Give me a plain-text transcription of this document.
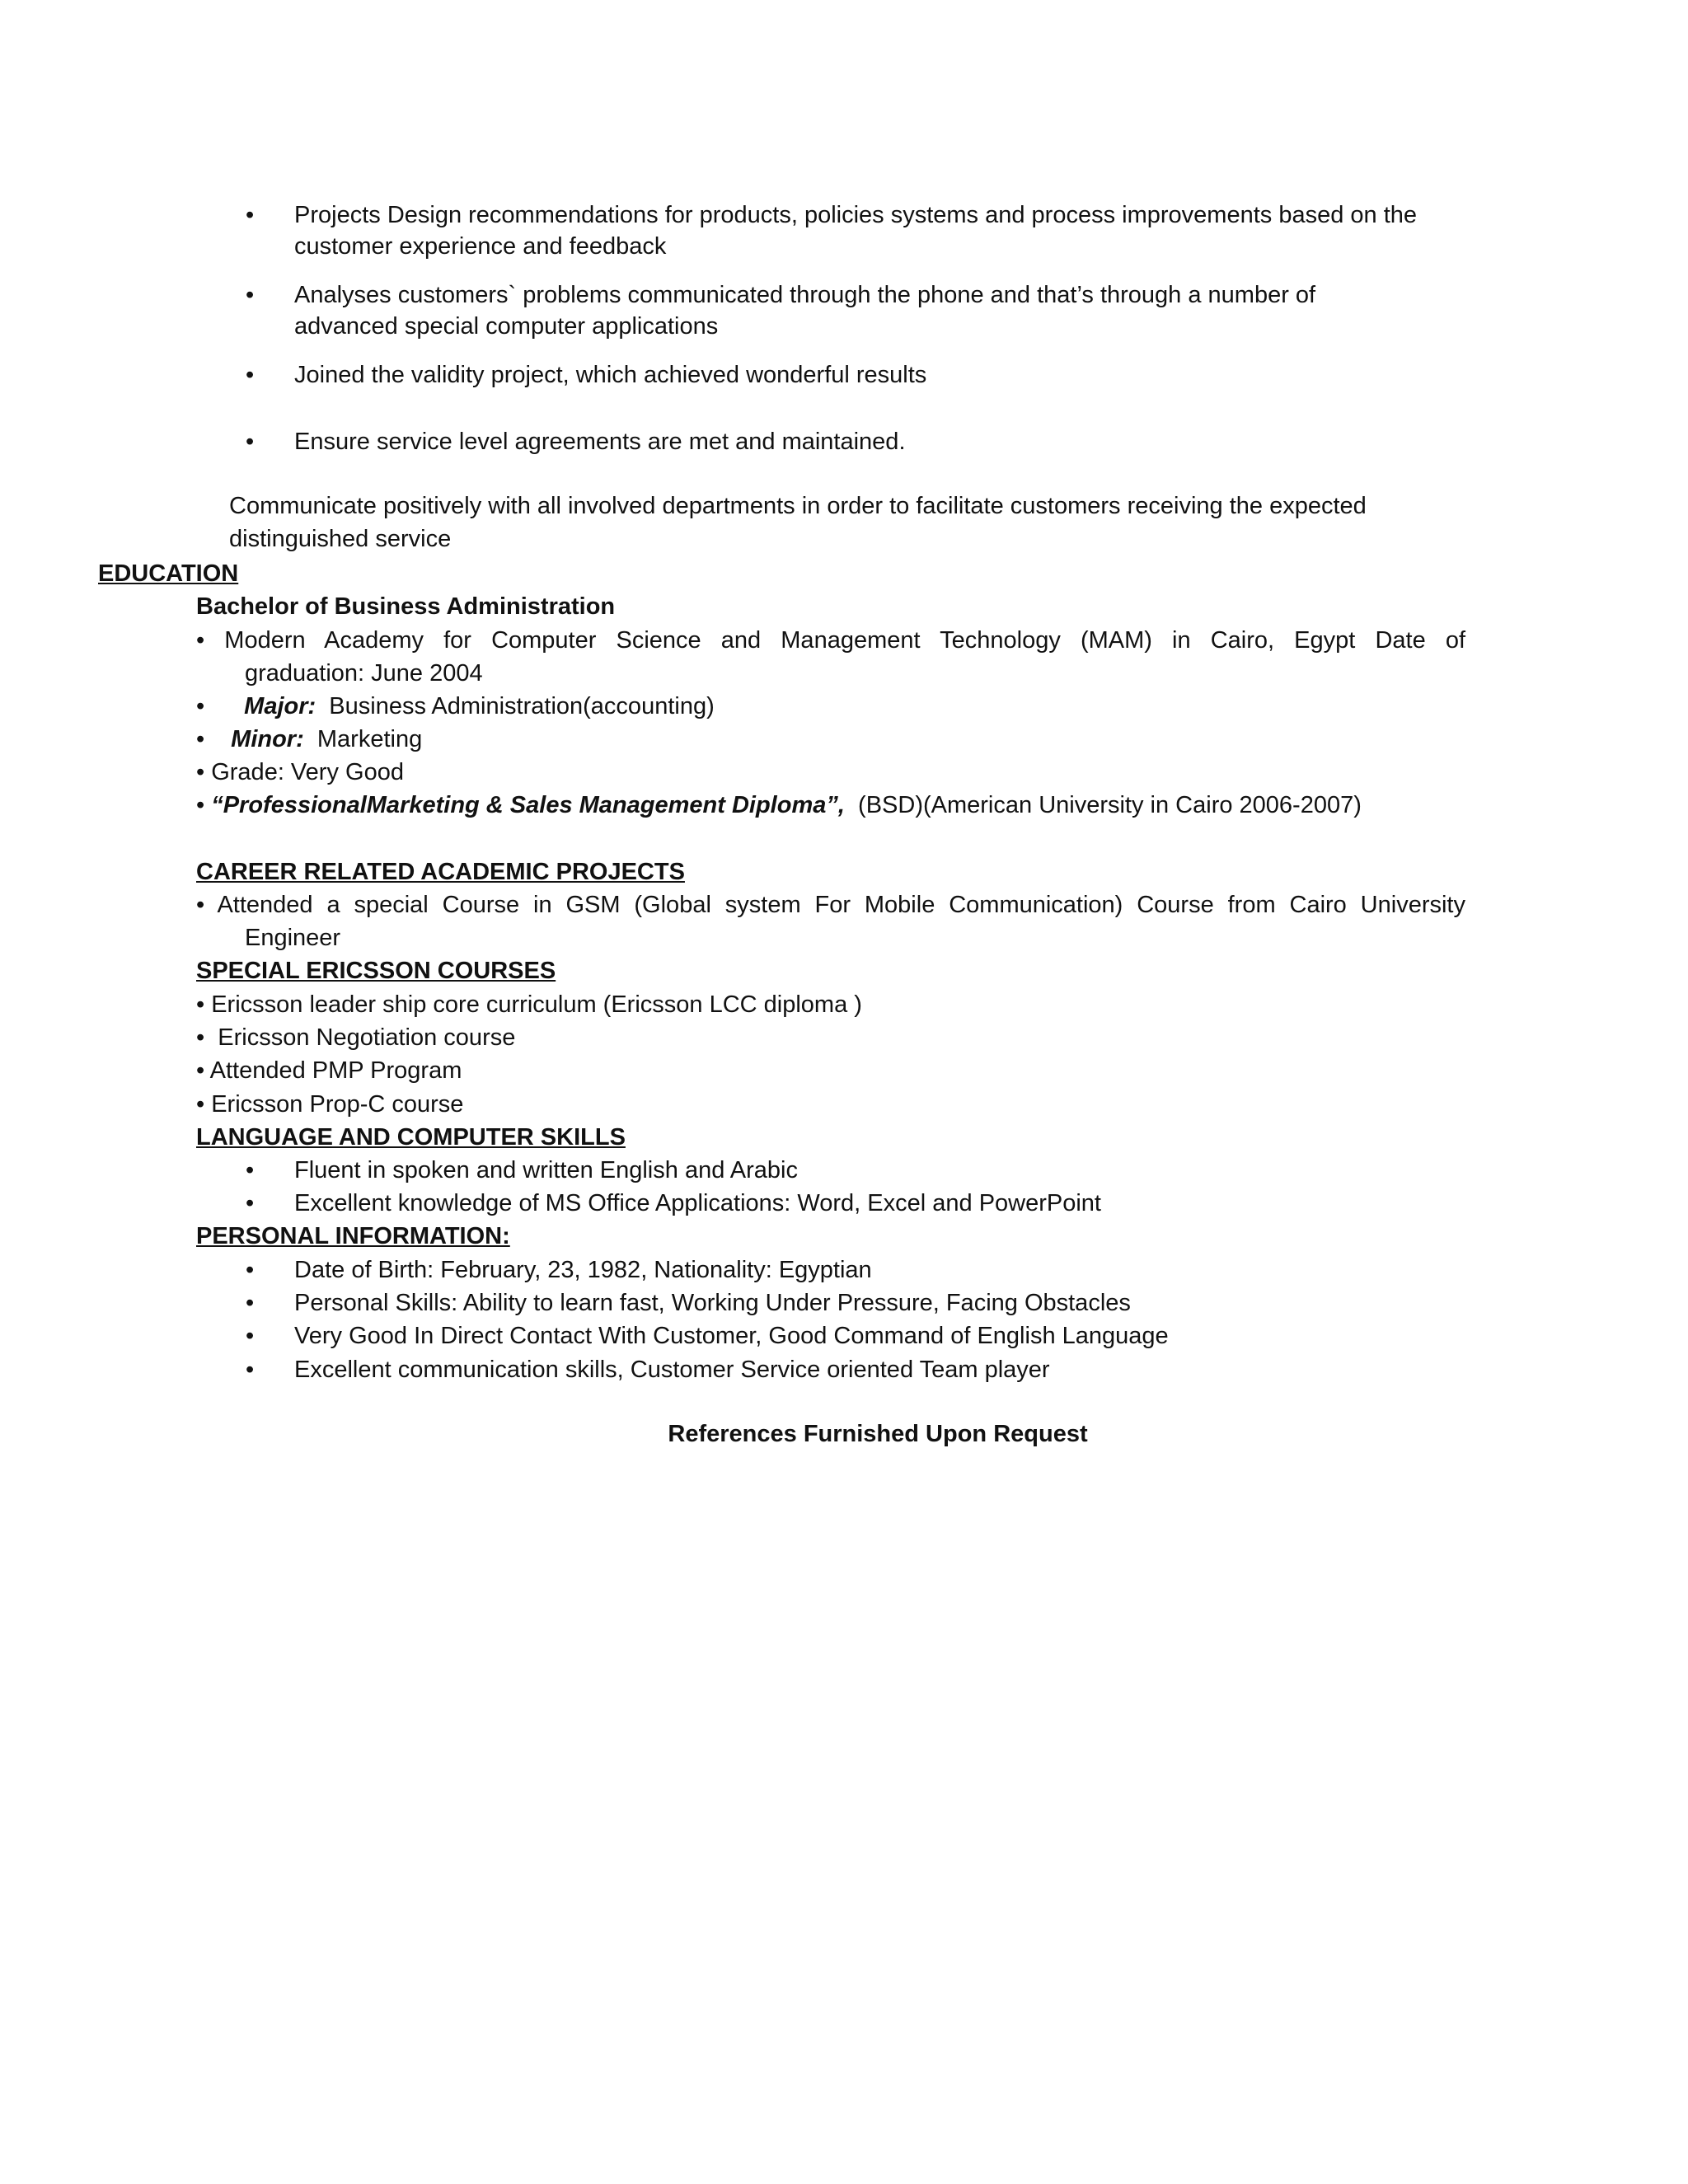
•	Projects Design recommendations for products, policies systems and process improvements based on the
customer experience and feedback
•	Analyses customers` problems communicated through the phone and that’s through a number of
advanced special computer applications
•	Joined the validity project, which achieved wonderful results
•	Ensure service level agreements are met and maintained.
Communicate positively with all involved departments in order to facilitate customers receiving the expected
distinguished service
EDUCATION
Bachelor of Business Administration
• Modern Academy for Computer Science and Management Technology (MAM) in Cairo, Egypt Date of
graduation: June 2004
• Major: Business Administration(accounting)
• Minor: Marketing
• Grade: Very Good
• “ProfessionalMarketing & Sales Management Diploma”, (BSD)(American University in Cairo 2006-2007)
CAREER RELATED ACADEMIC PROJECTS
• Attended a special Course in GSM (Global system For Mobile Communication) Course from Cairo University
Engineer
SPECIAL ERICSSON COURSES
• Ericsson leader ship core curriculum (Ericsson LCC diploma )
• Ericsson Negotiation course
• Attended PMP Program
• Ericsson Prop-C course
LANGUAGE AND COMPUTER SKILLS
• Fluent in spoken and written English and Arabic
• Excellent knowledge of MS Office Applications: Word, Excel and PowerPoint
PERSONAL INFORMATION:
• Date of Birth: February, 23, 1982, Nationality: Egyptian
• Personal Skills: Ability to learn fast, Working Under Pressure, Facing Obstacles
• Very Good In Direct Contact With Customer, Good Command of English Language
• Excellent communication skills, Customer Service oriented Team player
References Furnished Upon Request
